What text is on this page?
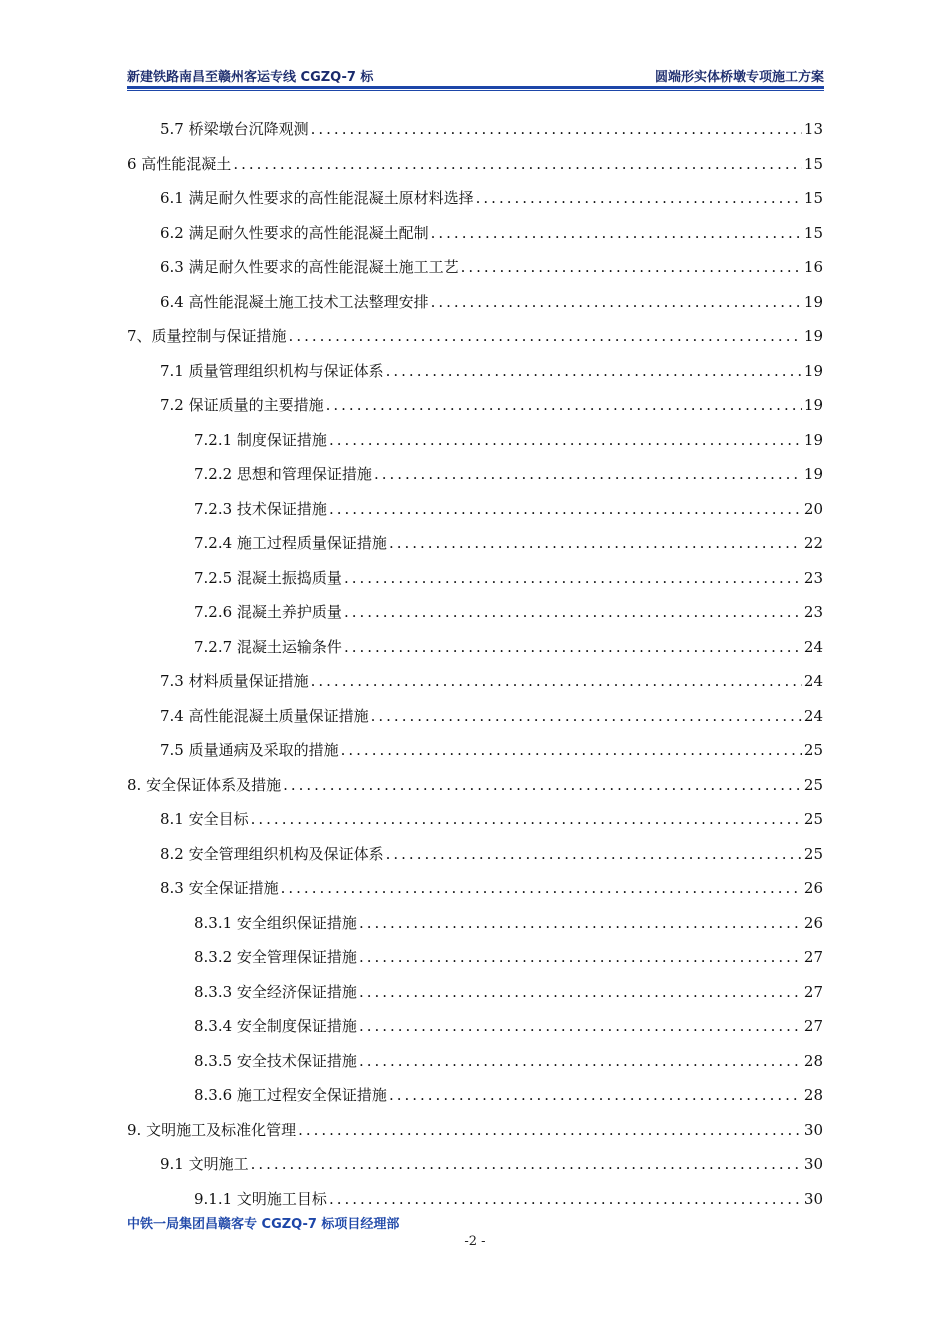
新建铁路南昌至赣州客运专线 CGZQ-7 标	圆端形实体桥墩专项施工方案
5.7 桥梁墩台沉降观测 .....	13
6 高性能混凝土 .....	15
6.1 满足耐久性要求的高性能混凝土原材料选择 .....	15
6.2 满足耐久性要求的高性能混凝土配制 .....	15
6.3 满足耐久性要求的高性能混凝土施工工艺 .....	16
6.4 高性能混凝土施工技术工法整理安排 .....	19
7、质量控制与保证措施 .....	19
7.1 质量管理组织机构与保证体系 .....	19
7.2 保证质量的主要措施 .....	19
7.2.1 制度保证措施 .....	19
7.2.2 思想和管理保证措施 .....	19
7.2.3 技术保证措施 .....	20
7.2.4 施工过程质量保证措施 .....	22
7.2.5 混凝土振捣质量 .....	23
7.2.6 混凝土养护质量 .....	23
7.2.7 混凝土运输条件 .....	24
7.3 材料质量保证措施 .....	24
7.4 高性能混凝土质量保证措施 .....	24
7.5 质量通病及采取的措施 .....	25
8. 安全保证体系及措施 .....	25
8.1 安全目标 .....	25
8.2 安全管理组织机构及保证体系 .....	25
8.3 安全保证措施 .....	26
8.3.1 安全组织保证措施 .....	26
8.3.2 安全管理保证措施 .....	27
8.3.3 安全经济保证措施 .....	27
8.3.4 安全制度保证措施 .....	27
8.3.5 安全技术保证措施 .....	28
8.3.6 施工过程安全保证措施 .....	28
9. 文明施工及标准化管理 .....	30
9.1 文明施工 .....	30
9.1.1 文明施工目标 .....	30
中铁一局集团昌赣客专 CGZQ-7 标项目经理部
-2 -
